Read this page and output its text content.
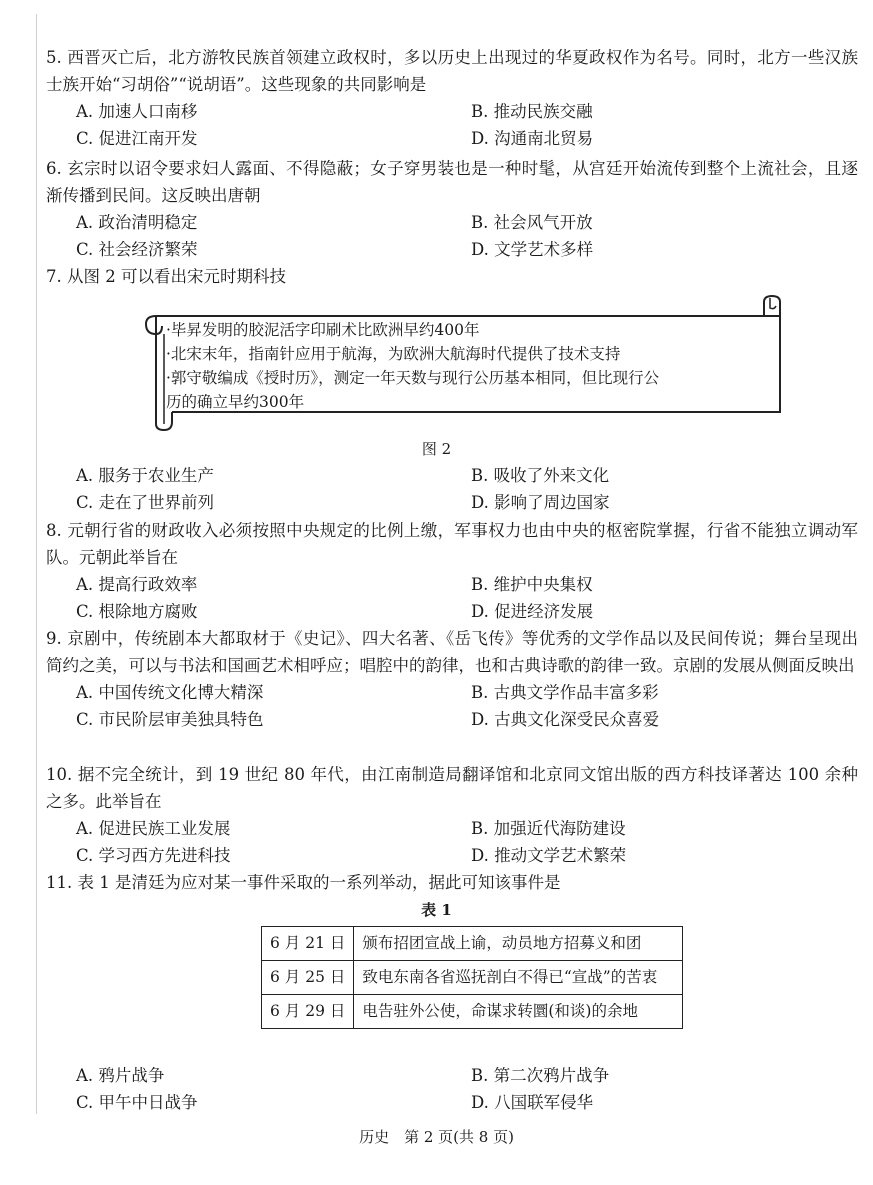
5. 西晋灭亡后，北方游牧民族首领建立政权时，多以历史上出现过的华夏政权作为名号。同时，北方一些汉族士族开始“习胡俗”“说胡语”。这些现象的共同影响是
A. 加速人口南移	B. 推动民族交融
C. 促进江南开发	D. 沟通南北贸易
6. 玄宗时以诏令要求妇人露面、不得隐蔽；女子穿男装也是一种时髦，从宫廷开始流传到整个上流社会，且逐渐传播到民间。这反映出唐朝
A. 政治清明稳定	B. 社会风气开放
C. 社会经济繁荣	D. 文学艺术多样
7. 从图 2 可以看出宋元时期科技
·毕昇发明的胶泥活字印刷术比欧洲早约400年
·北宋末年，指南针应用于航海，为欧洲大航海时代提供了技术支持
·郭守敬编成《授时历》，测定一年天数与现行公历基本相同，但比现行公
历的确立早约300年
图 2
A. 服务于农业生产	B. 吸收了外来文化
C. 走在了世界前列	D. 影响了周边国家
8. 元朝行省的财政收入必须按照中央规定的比例上缴，军事权力也由中央的枢密院掌握，行省不能独立调动军队。元朝此举旨在
A. 提高行政效率	B. 维护中央集权
C. 根除地方腐败	D. 促进经济发展
9. 京剧中，传统剧本大都取材于《史记》、四大名著、《岳飞传》等优秀的文学作品以及民间传说；舞台呈现出简约之美，可以与书法和国画艺术相呼应；唱腔中的韵律，也和古典诗歌的韵律一致。京剧的发展从侧面反映出
A. 中国传统文化博大精深	B. 古典文学作品丰富多彩
C. 市民阶层审美独具特色	D. 古典文化深受民众喜爱
10. 据不完全统计，到 19 世纪 80 年代，由江南制造局翻译馆和北京同文馆出版的西方科技译著达 100 余种之多。此举旨在
A. 促进民族工业发展	B. 加强近代海防建设
C. 学习西方先进科技	D. 推动文学艺术繁荣
11. 表 1 是清廷为应对某一事件采取的一系列举动，据此可知该事件是
表 1
6 月 21 日	颁布招团宣战上谕，动员地方招募义和团
6 月 25 日	致电东南各省巡抚剖白不得已“宣战”的苦衷
6 月 29 日	电告驻外公使，命谋求转圜(和谈)的余地
A. 鸦片战争	B. 第二次鸦片战争
C. 甲午中日战争	D. 八国联军侵华
历史　第 2 页(共 8 页)
